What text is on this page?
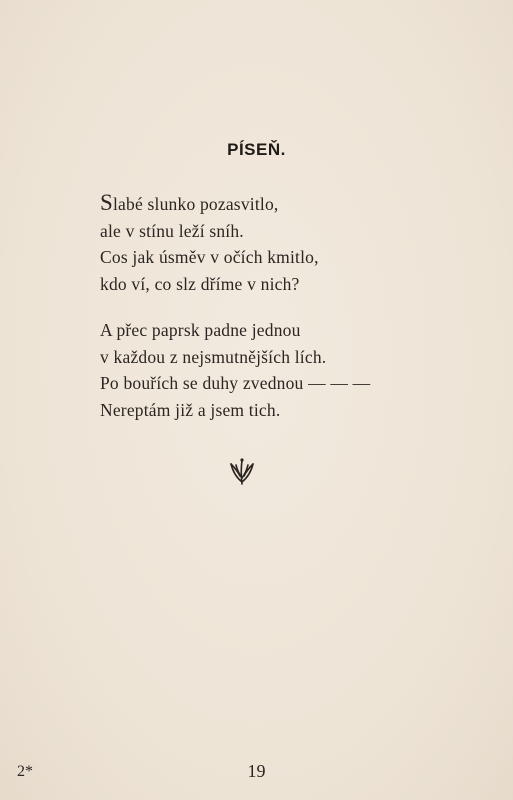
PÍSEŇ.
Slabé slunko pozasvitlo,
ale v stínu leží sníh.
Cos jak úsměv v očích kmitlo,
kdo ví, co slz dříme v nich?
A přec paprsk padne jednou
v každou z nejsmutnějších lích.
Po bouřích se duhy zvednou — — —
Nereptám již a jsem tich.
2*	19
